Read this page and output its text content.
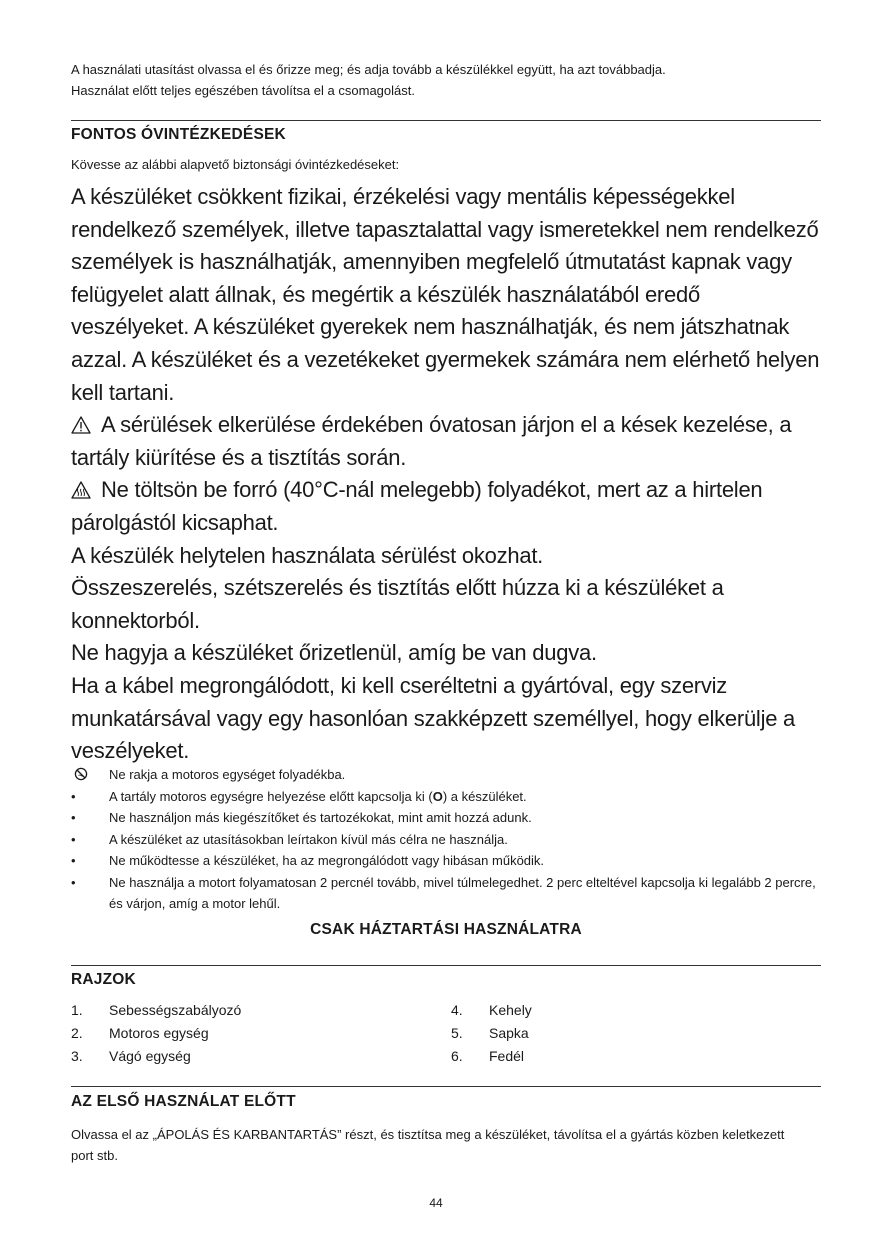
A használati utasítást olvassa el és őrizze meg; és adja tovább a készülékkel együtt, ha azt továbbadja.
Használat előtt teljes egészében távolítsa el a csomagolást.
FONTOS ÓVINTÉZKEDÉSEK
Kövesse az alábbi alapvető biztonsági óvintézkedéseket:

A készüléket csökkent fizikai, érzékelési vagy mentális képességekkel rendelkező személyek, illetve tapasztalattal vagy ismeretekkel nem rendelkező személyek is használhatják, amennyiben megfelelő útmutatást kapnak vagy felügyelet alatt állnak, és megértik a készülék használatából eredő veszélyeket. A készüléket gyerekek nem használhatják, és nem játszhatnak azzal. A készüléket és a vezetékeket gyermekek számára nem elérhető helyen kell tartani.

A sérülések elkerülése érdekében óvatosan járjon el a kések kezelése, a tartály kiürítése és a tisztítás során.

Ne töltsön be forró (40°C-nál melegebb) folyadékot, mert az a hirtelen párolgástól kicsaphat.

A készülék helytelen használata sérülést okozhat.

Összeszerelés, szétszerelés és tisztítás előtt húzza ki a készüléket a konnektorból.

Ne hagyja a készüléket őrizetlenül, amíg be van dugva.

Ha a kábel megrongálódott, ki kell cseréltetni a gyártóval, egy szerviz munkatársával vagy egy hasonlóan szakképzett személlyel, hogy elkerülje a veszélyeket.

Ne rakja a motoros egységet folyadékba.
•	A tartály motoros egységre helyezése előtt kapcsolja ki (O) a készüléket.
•	Ne használjon más kiegészítőket és tartozékokat, mint amit hozzá adunk.
•	A készüléket az utasításokban leírtakon kívül más célra ne használja.
•	Ne működtesse a készüléket, ha az megrongálódott vagy hibásan működik.
•	Ne használja a motort folyamatosan 2 percnél tovább, mivel túlmelegedhet. 2 perc elteltével kapcsolja ki legalább 2 percre, és várjon, amíg a motor lehűl.
CSAK HÁZTARTÁSI HASZNÁLATRA
RAJZOK
1. Sebességszabályozó
2. Motoros egység
3. Vágó egység
4. Kehely
5. Sapka
6. Fedél
AZ ELSŐ HASZNÁLAT ELŐTT
Olvassa el az „ÁPOLÁS ÉS KARBANTARTÁS” részt, és tisztítsa meg a készüléket, távolítsa el a gyártás közben keletkezett port stb.
44
